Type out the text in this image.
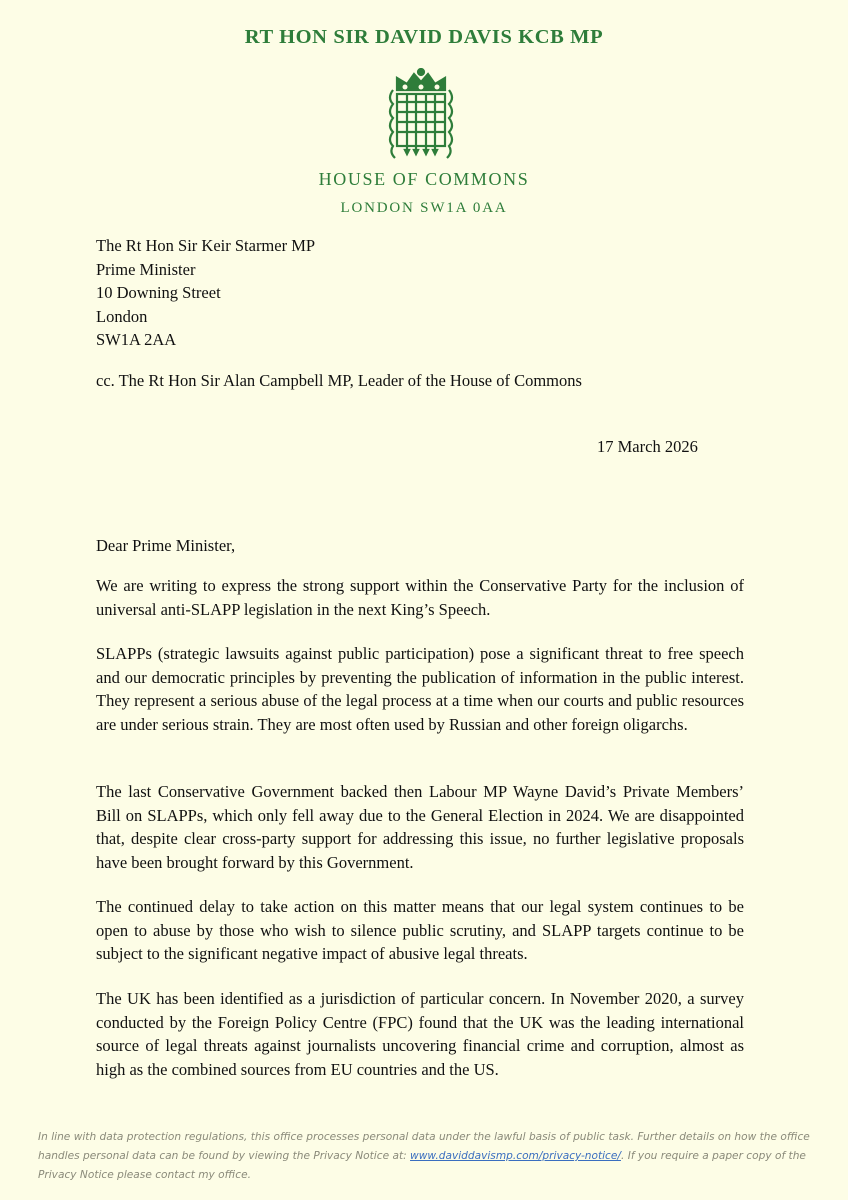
RT HON SIR DAVID DAVIS KCB MP
HOUSE OF COMMONS
LONDON SW1A 0AA
The Rt Hon Sir Keir Starmer MP
Prime Minister
10 Downing Street
London
SW1A 2AA
cc. The Rt Hon Sir Alan Campbell MP, Leader of the House of Commons
17 March 2026
Dear Prime Minister,
We are writing to express the strong support within the Conservative Party for the inclusion of universal anti-SLAPP legislation in the next King’s Speech.
SLAPPs (strategic lawsuits against public participation) pose a significant threat to free speech and our democratic principles by preventing the publication of information in the public interest. They represent a serious abuse of the legal process at a time when our courts and public resources are under serious strain. They are most often used by Russian and other foreign oligarchs.
The last Conservative Government backed then Labour MP Wayne David’s Private Members’ Bill on SLAPPs, which only fell away due to the General Election in 2024. We are disappointed that, despite clear cross-party support for addressing this issue, no further legislative proposals have been brought forward by this Government.
The continued delay to take action on this matter means that our legal system continues to be open to abuse by those who wish to silence public scrutiny, and SLAPP targets continue to be subject to the significant negative impact of abusive legal threats.
The UK has been identified as a jurisdiction of particular concern. In November 2020, a survey conducted by the Foreign Policy Centre (FPC) found that the UK was the leading international source of legal threats against journalists uncovering financial crime and corruption, almost as high as the combined sources from EU countries and the US.
In line with data protection regulations, this office processes personal data under the lawful basis of public task. Further details on how the office handles personal data can be found by viewing the Privacy Notice at: www.daviddavismp.com/privacy-notice/. If you require a paper copy of the Privacy Notice please contact my office.
